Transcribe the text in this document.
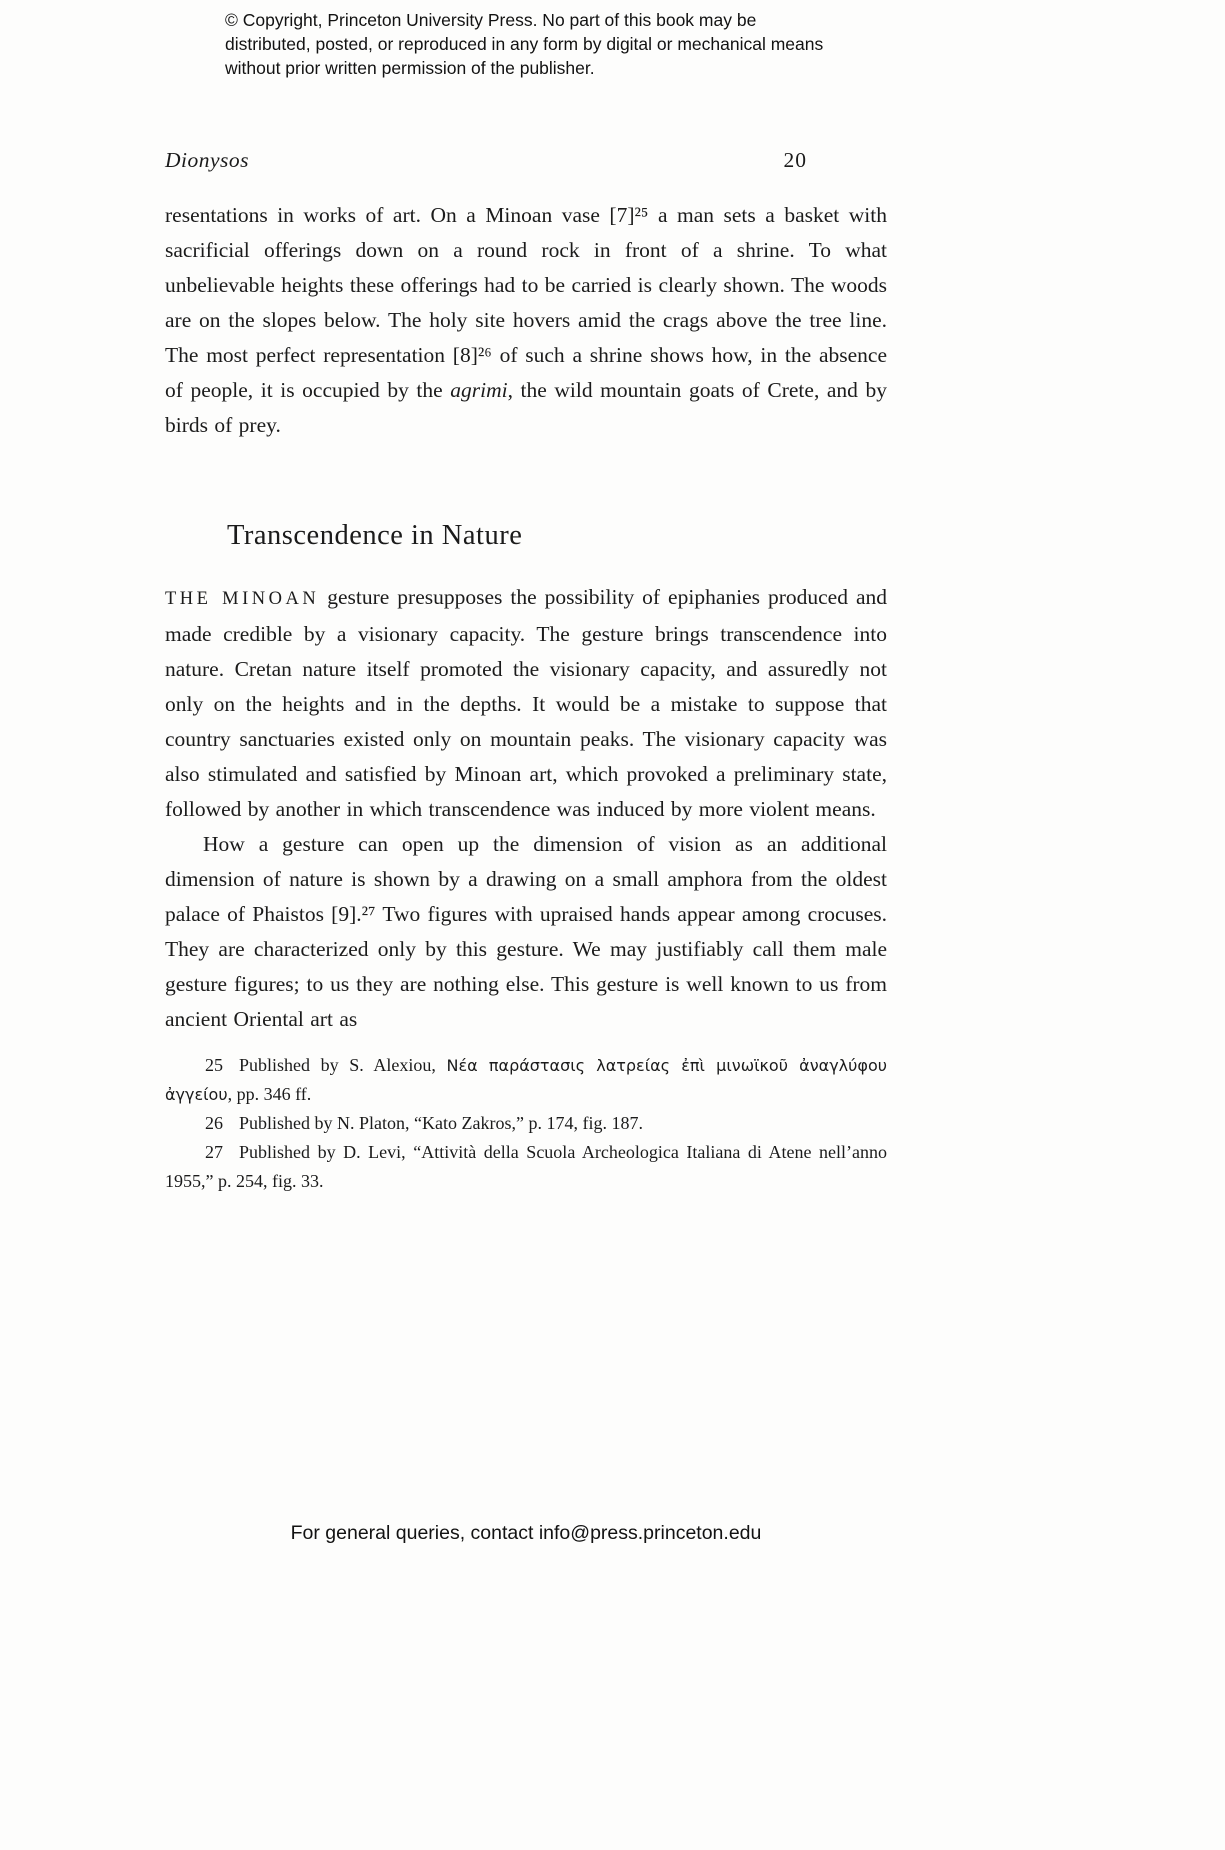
© Copyright, Princeton University Press. No part of this book may be distributed, posted, or reproduced in any form by digital or mechanical means without prior written permission of the publisher.
Dionysos	20

resentations in works of art. On a Minoan vase [7]²⁵ a man sets a basket with sacrificial offerings down on a round rock in front of a shrine. To what unbelievable heights these offerings had to be carried is clearly shown. The woods are on the slopes below. The holy site hovers amid the crags above the tree line. The most perfect representation [8]²⁶ of such a shrine shows how, in the absence of people, it is occupied by the agrimi, the wild mountain goats of Crete, and by birds of prey.

Transcendence in Nature

THE MINOAN gesture presupposes the possibility of epiphanies produced and made credible by a visionary capacity. The gesture brings transcendence into nature. Cretan nature itself promoted the visionary capacity, and assuredly not only on the heights and in the depths. It would be a mistake to suppose that country sanctuaries existed only on mountain peaks. The visionary capacity was also stimulated and satisfied by Minoan art, which provoked a preliminary state, followed by another in which transcendence was induced by more violent means.

How a gesture can open up the dimension of vision as an additional dimension of nature is shown by a drawing on a small amphora from the oldest palace of Phaistos [9].²⁷ Two figures with upraised hands appear among crocuses. They are characterized only by this gesture. We may justifiably call them male gesture figures; to us they are nothing else. This gesture is well known to us from ancient Oriental art as

25 Published by S. Alexiou, Νέα παράστασις λατρείας ἐπὶ μινωϊκοῦ ἀναγλύφου ἀγγείου, pp. 346 ff.

26 Published by N. Platon, “Kato Zakros,” p. 174, fig. 187.

27 Published by D. Levi, “Attività della Scuola Archeologica Italiana di Atene nell’anno 1955,” p. 254, fig. 33.

For general queries, contact info@press.princeton.edu
